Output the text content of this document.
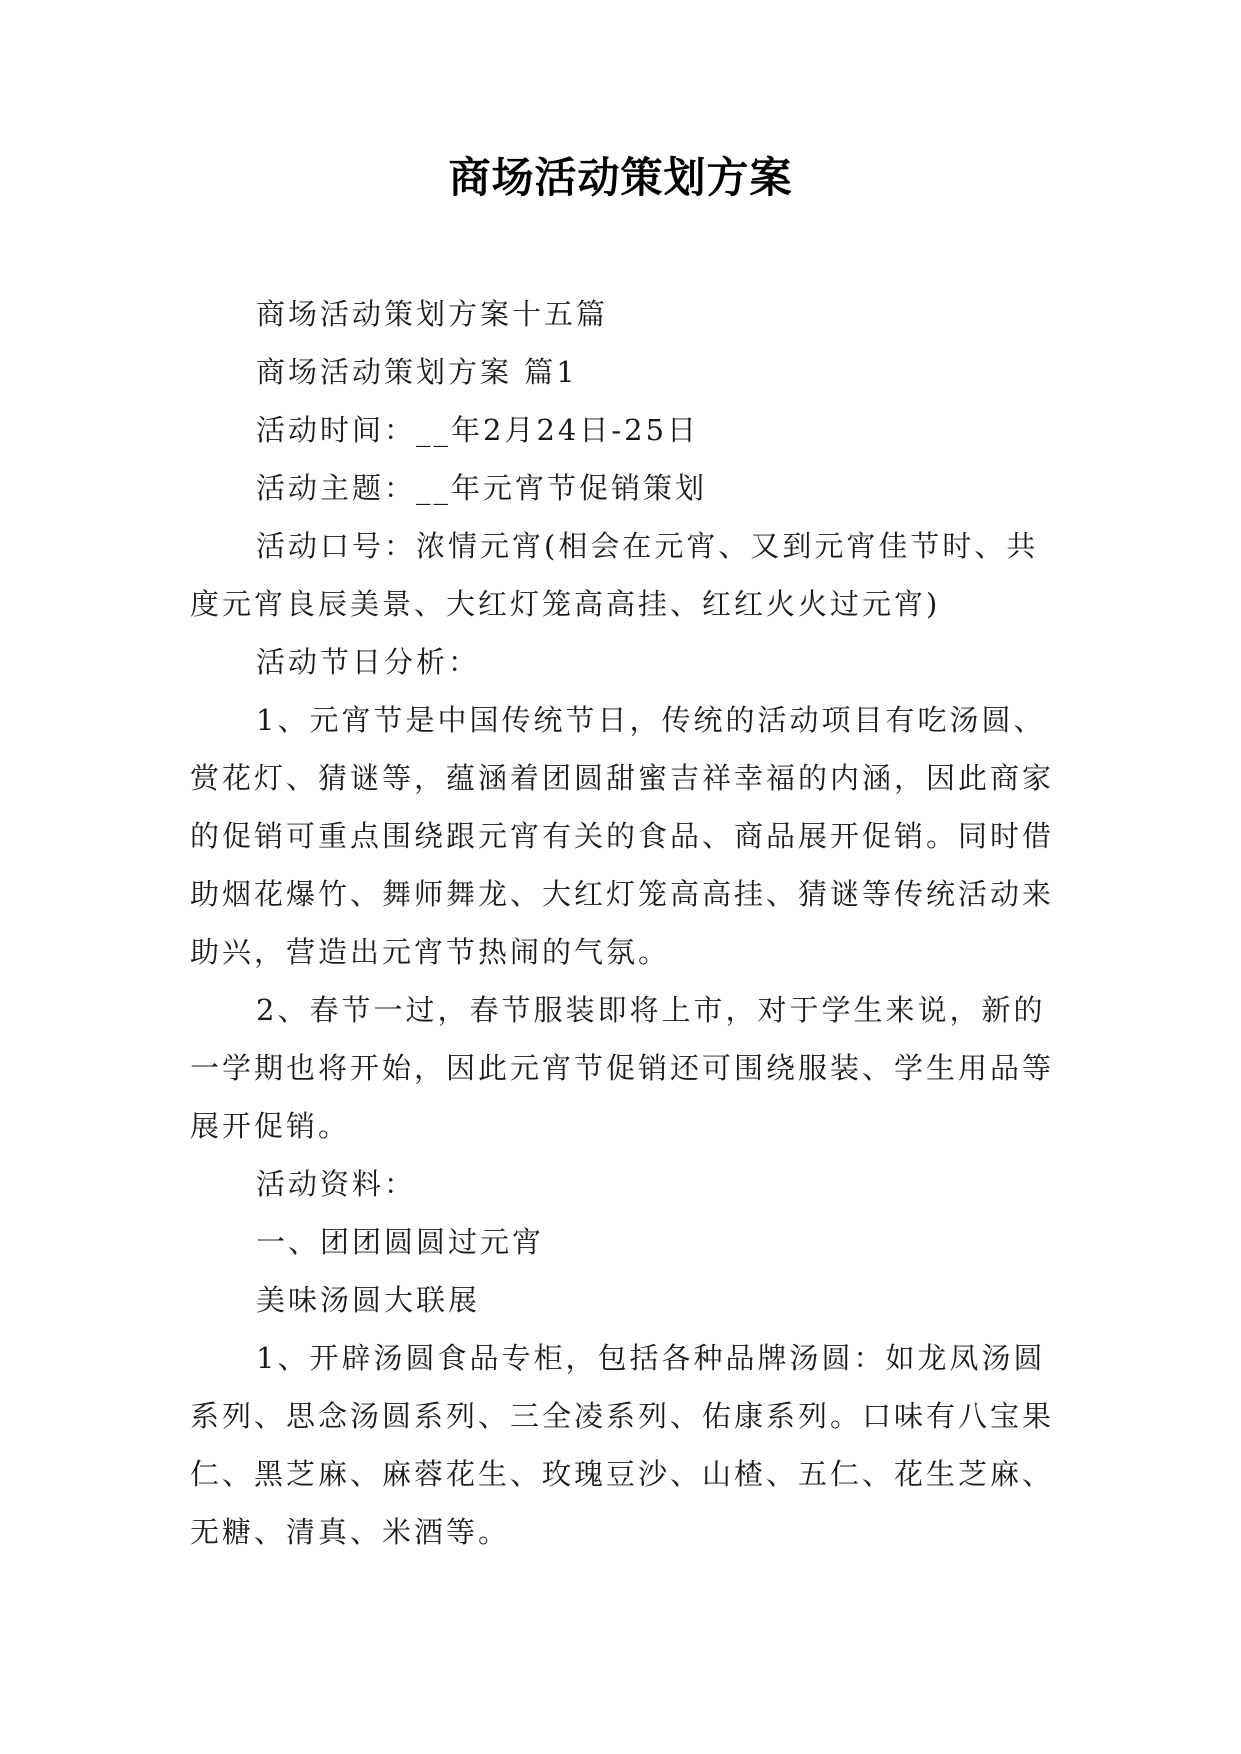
商场活动策划方案

商场活动策划方案十五篇

商场活动策划方案 篇1

活动时间：__年2月24日-25日

活动主题：__年元宵节促销策划

活动口号：浓情元宵(相会在元宵、又到元宵佳节时、共度元宵良辰美景、大红灯笼高高挂、红红火火过元宵)

活动节日分析：

1、元宵节是中国传统节日，传统的活动项目有吃汤圆、赏花灯、猜谜等，蕴涵着团圆甜蜜吉祥幸福的内涵，因此商家的促销可重点围绕跟元宵有关的食品、商品展开促销。同时借助烟花爆竹、舞师舞龙、大红灯笼高高挂、猜谜等传统活动来助兴，营造出元宵节热闹的气氛。

2、春节一过，春节服装即将上市，对于学生来说，新的一学期也将开始，因此元宵节促销还可围绕服装、学生用品等展开促销。

活动资料：

一、团团圆圆过元宵

美味汤圆大联展

1、开辟汤圆食品专柜，包括各种品牌汤圆：如龙凤汤圆系列、思念汤圆系列、三全凌系列、佑康系列。口味有八宝果仁、黑芝麻、麻蓉花生、玫瑰豆沙、山楂、五仁、花生芝麻、无糖、清真、米酒等。
